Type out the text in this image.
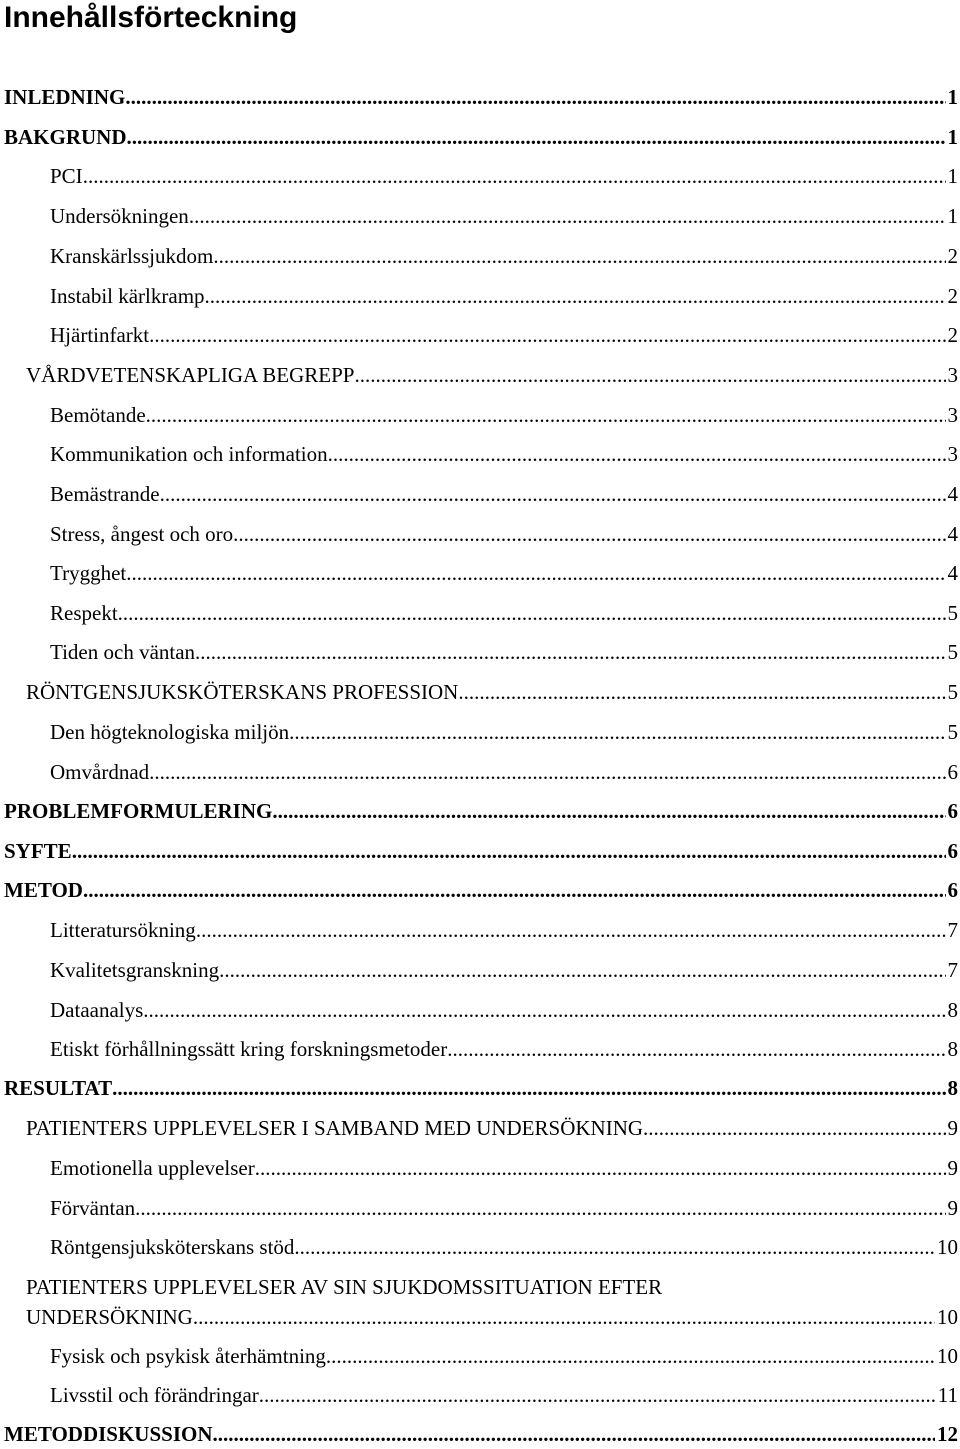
Innehållsförteckning
INLEDNING .....	1
BAKGRUND .....	1
PCI .....	1
Undersökningen .....	1
Kranskärlssjukdom .....	2
Instabil kärlkramp .....	2
Hjärtinfarkt .....	2
VÅRDVETENSKAPLIGA BEGREPP .....	3
Bemötande .....	3
Kommunikation och information .....	3
Bemästrande .....	4
Stress, ångest och oro .....	4
Trygghet .....	4
Respekt .....	5
Tiden och väntan .....	5
RÖNTGENSJUKSKÖTERSKANS PROFESSION .....	5
Den högteknologiska miljön .....	5
Omvårdnad .....	6
PROBLEMFORMULERING .....	6
SYFTE .....	6
METOD .....	6
Litteratursökning .....	7
Kvalitetsgranskning .....	7
Dataanalys .....	8
Etiskt förhållningssätt kring forskningsmetoder .....	8
RESULTAT .....	8
PATIENTERS UPPLEVELSER I SAMBAND MED UNDERSÖKNING .....	9
Emotionella upplevelser .....	9
Förväntan .....	9
Röntgensjuksköterskans stöd .....	10
PATIENTERS UPPLEVELSER AV SIN SJUKDOMSSITUATION EFTER
UNDERSÖKNING .....	10
Fysisk och psykisk återhämtning .....	10
Livsstil och förändringar .....	11
METODDISKUSSION .....	12
